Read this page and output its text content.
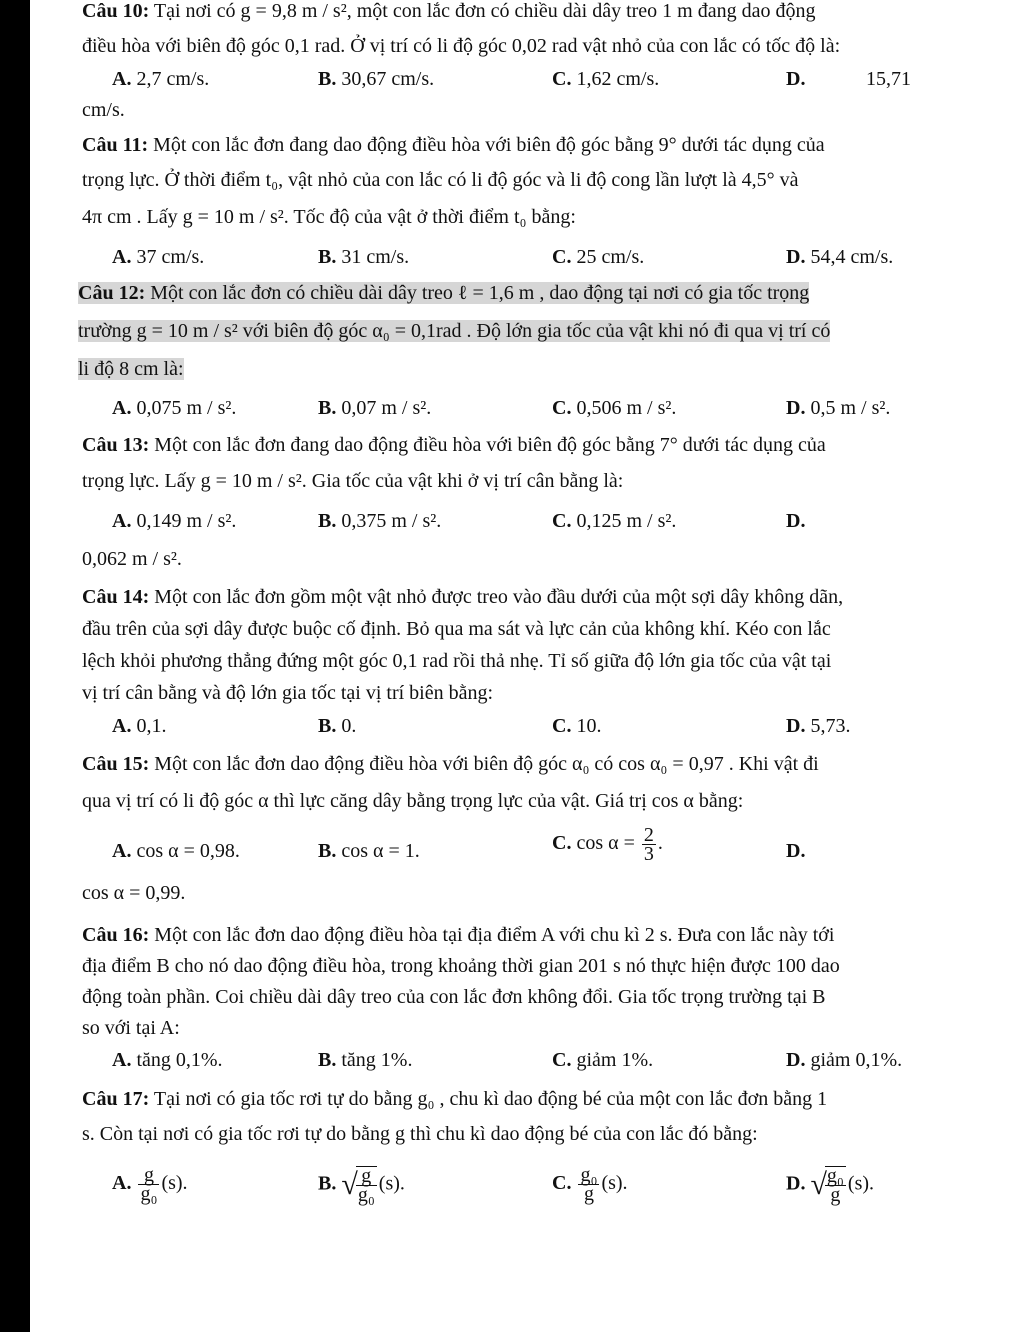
Câu 10: Tại nơi có g = 9,8 m / s², một con lắc đơn có chiều dài dây treo 1 m đang dao động
điều hòa với biên độ góc 0,1 rad. Ở vị trí có li độ góc 0,02 rad vật nhỏ của con lắc có tốc độ là:
A. 2,7 cm/s.	B. 30,67 cm/s.	C. 1,62 cm/s.	D.	15,71
cm/s.
Câu 11: Một con lắc đơn đang dao động điều hòa với biên độ góc bằng 9° dưới tác dụng của
trọng lực. Ở thời điểm t₀, vật nhỏ của con lắc có li độ góc và li độ cong lần lượt là 4,5° và
4π cm . Lấy g = 10 m / s². Tốc độ của vật ở thời điểm t₀ bằng:
A. 37 cm/s.	B. 31 cm/s.	C. 25 cm/s.	D. 54,4 cm/s.
Câu 12: Một con lắc đơn có chiều dài dây treo ℓ = 1,6 m , dao động tại nơi có gia tốc trọng
trường g = 10 m / s² với biên độ góc α₀ = 0,1rad . Độ lớn gia tốc của vật khi nó đi qua vị trí có
li độ 8 cm là:
A. 0,075 m / s².	B. 0,07 m / s².	C. 0,506 m / s².	D. 0,5 m / s².
Câu 13: Một con lắc đơn đang dao động điều hòa với biên độ góc bằng 7° dưới tác dụng của
trọng lực. Lấy g = 10 m / s². Gia tốc của vật khi ở vị trí cân bằng là:
A. 0,149 m / s².	B. 0,375 m / s².	C. 0,125 m / s².	D.
0,062 m / s².
Câu 14: Một con lắc đơn gồm một vật nhỏ được treo vào đầu dưới của một sợi dây không dãn,
đầu trên của sợi dây được buộc cố định. Bỏ qua ma sát và lực cản của không khí. Kéo con lắc
lệch khỏi phương thẳng đứng một góc 0,1 rad rồi thả nhẹ. Tỉ số giữa độ lớn gia tốc của vật tại
vị trí cân bằng và độ lớn gia tốc tại vị trí biên bằng:
A. 0,1.	B. 0.	C. 10.	D. 5,73.
Câu 15: Một con lắc đơn dao động điều hòa với biên độ góc α₀ có cos α₀ = 0,97 . Khi vật đi
qua vị trí có li độ góc α thì lực căng dây bằng trọng lực của vật. Giá trị cos α bằng:
A. cos α = 0,98.	B. cos α = 1.	C. $\cos \alpha = \frac{2}{3}$ .	D.
cos α = 0,99.
Câu 16: Một con lắc đơn dao động điều hòa tại địa điểm A với chu kì 2 s. Đưa con lắc này tới
địa điểm B cho nó dao động điều hòa, trong khoảng thời gian 201 s nó thực hiện được 100 dao
động toàn phần. Coi chiều dài dây treo của con lắc đơn không đổi. Gia tốc trọng trường tại B
so với tại A:
A. tăng 0,1%.	B. tăng 1%.	C. giảm 1%.	D. giảm 0,1%.
Câu 17: Tại nơi có gia tốc rơi tự do bằng g₀ , chu kì dao động bé của một con lắc đơn bằng 1
s. Còn tại nơi có gia tốc rơi tự do bằng g thì chu kì dao động bé của con lắc đó bằng:
A. $\frac{g}{\text{g₀}} (s)$.	B. √
$\frac{g}{\text{g₀}} (s)$.	C. $\frac{\text{g₀}}{g} (s)$.	D. √
$\frac{\text{g₀}}{g} (s)$.
